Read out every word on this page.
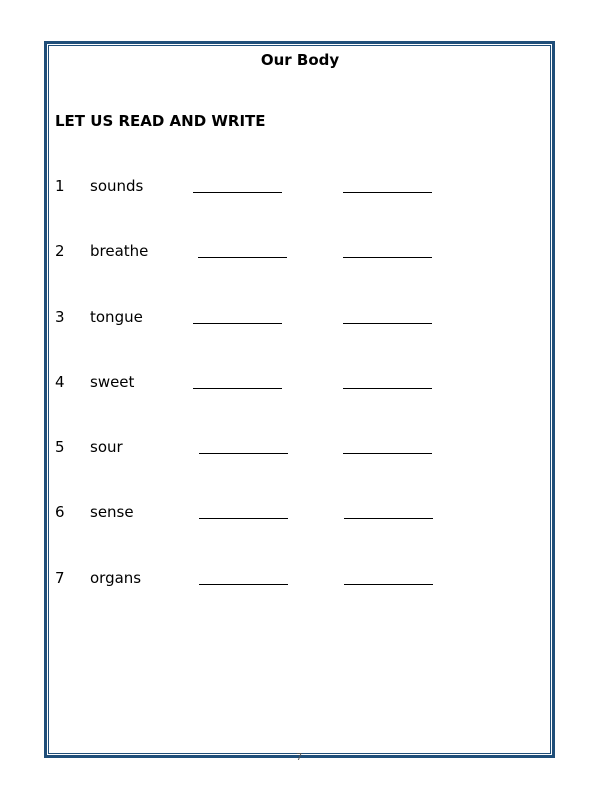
Our Body
LET US READ AND WRITE
1 sounds
2 breathe
3 tongue
4 sweet
5 sour
6 sense
7 organs
7
